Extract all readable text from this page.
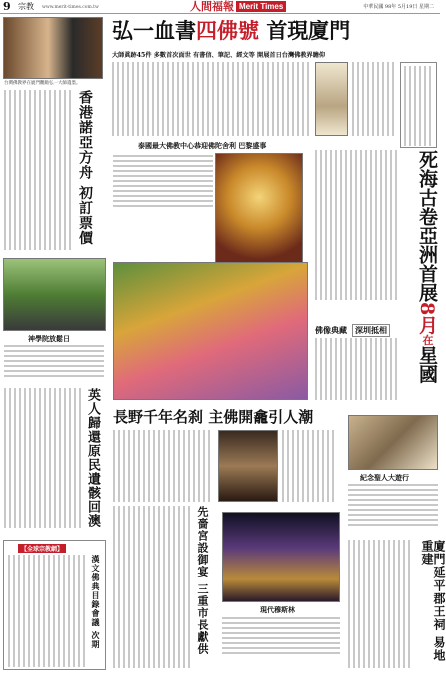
9 宗教 www.merit-times.com.tw	人間福報 Merit Times	中華民國 98年 5月19日 星期二
台灣佛教界在廈門觀瞻弘一大師遺墨。
弘一血書四佛號 首現廈門
大師眞跡45件 多數首次面世 有書信、筆記、經文等 開展首日台灣佛教界瞻仰
香港諾亞方舟 初訂票價
神學院放鬆日
英人歸還原民遺骸回澳
【全球宗教網】
漢文佛典目錄會議 次期
泰國最大佛教中心恭迎佛陀舍利 巴黎盛事
死海古卷亞洲首展8月在星國
佛像典藏	深圳抵相
長野千年名刹 主佛開龕引人潮
紀念聖人大遊行
先嗇宮設御宴 三重市長獻供	現代穆斯林	廈門延平郡王祠 易地重建
